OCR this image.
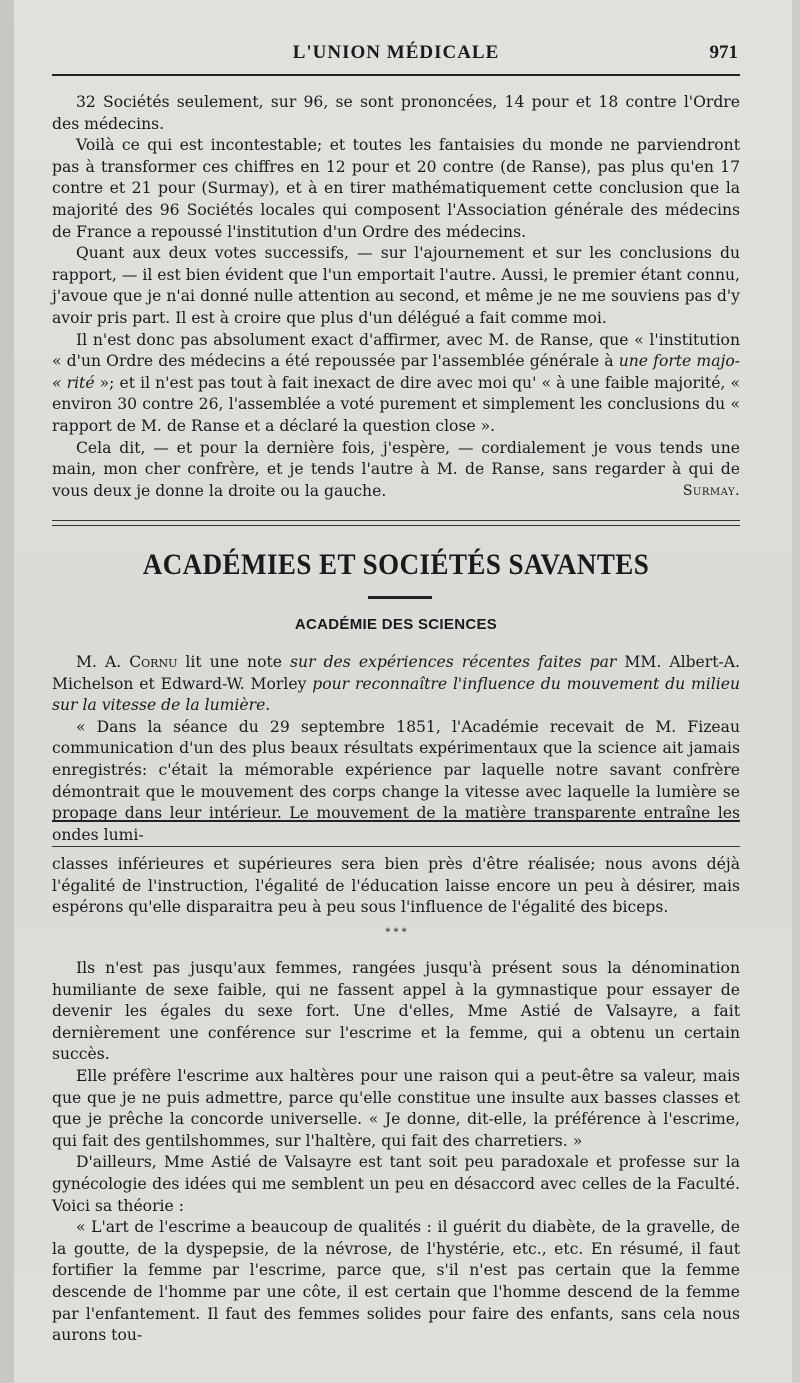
L'UNION MÉDICALE	971

32 Sociétés seulement, sur 96, se sont prononcées, 14 pour et 18 contre l'Ordre des médecins.

Voilà ce qui est incontestable; et toutes les fantaisies du monde ne parviendront pas à transformer ces chiffres en 12 pour et 20 contre (de Ranse), pas plus qu'en 17 contre et 21 pour (Surmay), et à en tirer mathématiquement cette conclusion que la majorité des 96 Sociétés locales qui composent l'Association générale des médecins de France a repoussé l'institution d'un Ordre des médecins.

Quant aux deux votes successifs, — sur l'ajournement et sur les conclusions du rapport, — il est bien évident que l'un emportait l'autre. Aussi, le premier étant connu, j'avoue que je n'ai donné nulle attention au second, et même je ne me souviens pas d'y avoir pris part. Il est à croire que plus d'un délégué a fait comme moi.

Il n'est donc pas absolument exact d'affirmer, avec M. de Ranse, que « l'institution « d'un Ordre des médecins a été repoussée par l'assemblée générale à une forte majo- « rité »; et il n'est pas tout à fait inexact de dire avec moi qu' « à une faible majorité, « environ 30 contre 26, l'assemblée a voté purement et simplement les conclusions du « rapport de M. de Ranse et a déclaré la question close ».

Cela dit, — et pour la dernière fois, j'espère, — cordialement je vous tends une main, mon cher confrère, et je tends l'autre à M. de Ranse, sans regarder à qui de vous deux je donne la droite ou la gauche.	Surmay.

ACADÉMIES ET SOCIÉTÉS SAVANTES
ACADÉMIE DES SCIENCES

M. A. Cornu lit une note sur des expériences récentes faites par MM. Albert-A. Michelson et Edward-W. Morley pour reconnaître l'influence du mouvement du milieu sur la vitesse de la lumière.

« Dans la séance du 29 septembre 1851, l'Académie recevait de M. Fizeau communication d'un des plus beaux résultats expérimentaux que la science ait jamais enregistrés: c'était la mémorable expérience par laquelle notre savant confrère démontrait que le mouvement des corps change la vitesse avec laquelle la lumière se propage dans leur intérieur. Le mouvement de la matière transparente entraîne les ondes lumi-

classes inférieures et supérieures sera bien près d'être réalisée; nous avons déjà l'égalité de l'instruction, l'égalité de l'éducation laisse encore un peu à désirer, mais espérons qu'elle disparaitra peu à peu sous l'influence de l'égalité des biceps.

* * *

Ils n'est pas jusqu'aux femmes, rangées jusqu'à présent sous la dénomination humiliante de sexe faible, qui ne fassent appel à la gymnastique pour essayer de devenir les égales du sexe fort. Une d'elles, Mme Astié de Valsayre, a fait dernièrement une conférence sur l'escrime et la femme, qui a obtenu un certain succès.

Elle préfère l'escrime aux haltères pour une raison qui a peut-être sa valeur, mais que que je ne puis admettre, parce qu'elle constitue une insulte aux basses classes et que je prêche la concorde universelle. « Je donne, dit-elle, la préférence à l'escrime, qui fait des gentilshommes, sur l'haltère, qui fait des charretiers. »

D'ailleurs, Mme Astié de Valsayre est tant soit peu paradoxale et professe sur la gynécologie des idées qui me semblent un peu en désaccord avec celles de la Faculté. Voici sa théorie :

« L'art de l'escrime a beaucoup de qualités : il guérit du diabète, de la gravelle, de la goutte, de la dyspepsie, de la névrose, de l'hystérie, etc., etc. En résumé, il faut fortifier la femme par l'escrime, parce que, s'il n'est pas certain que la femme descende de l'homme par une côte, il est certain que l'homme descend de la femme par l'enfantement. Il faut des femmes solides pour faire des enfants, sans cela nous aurons tou-
